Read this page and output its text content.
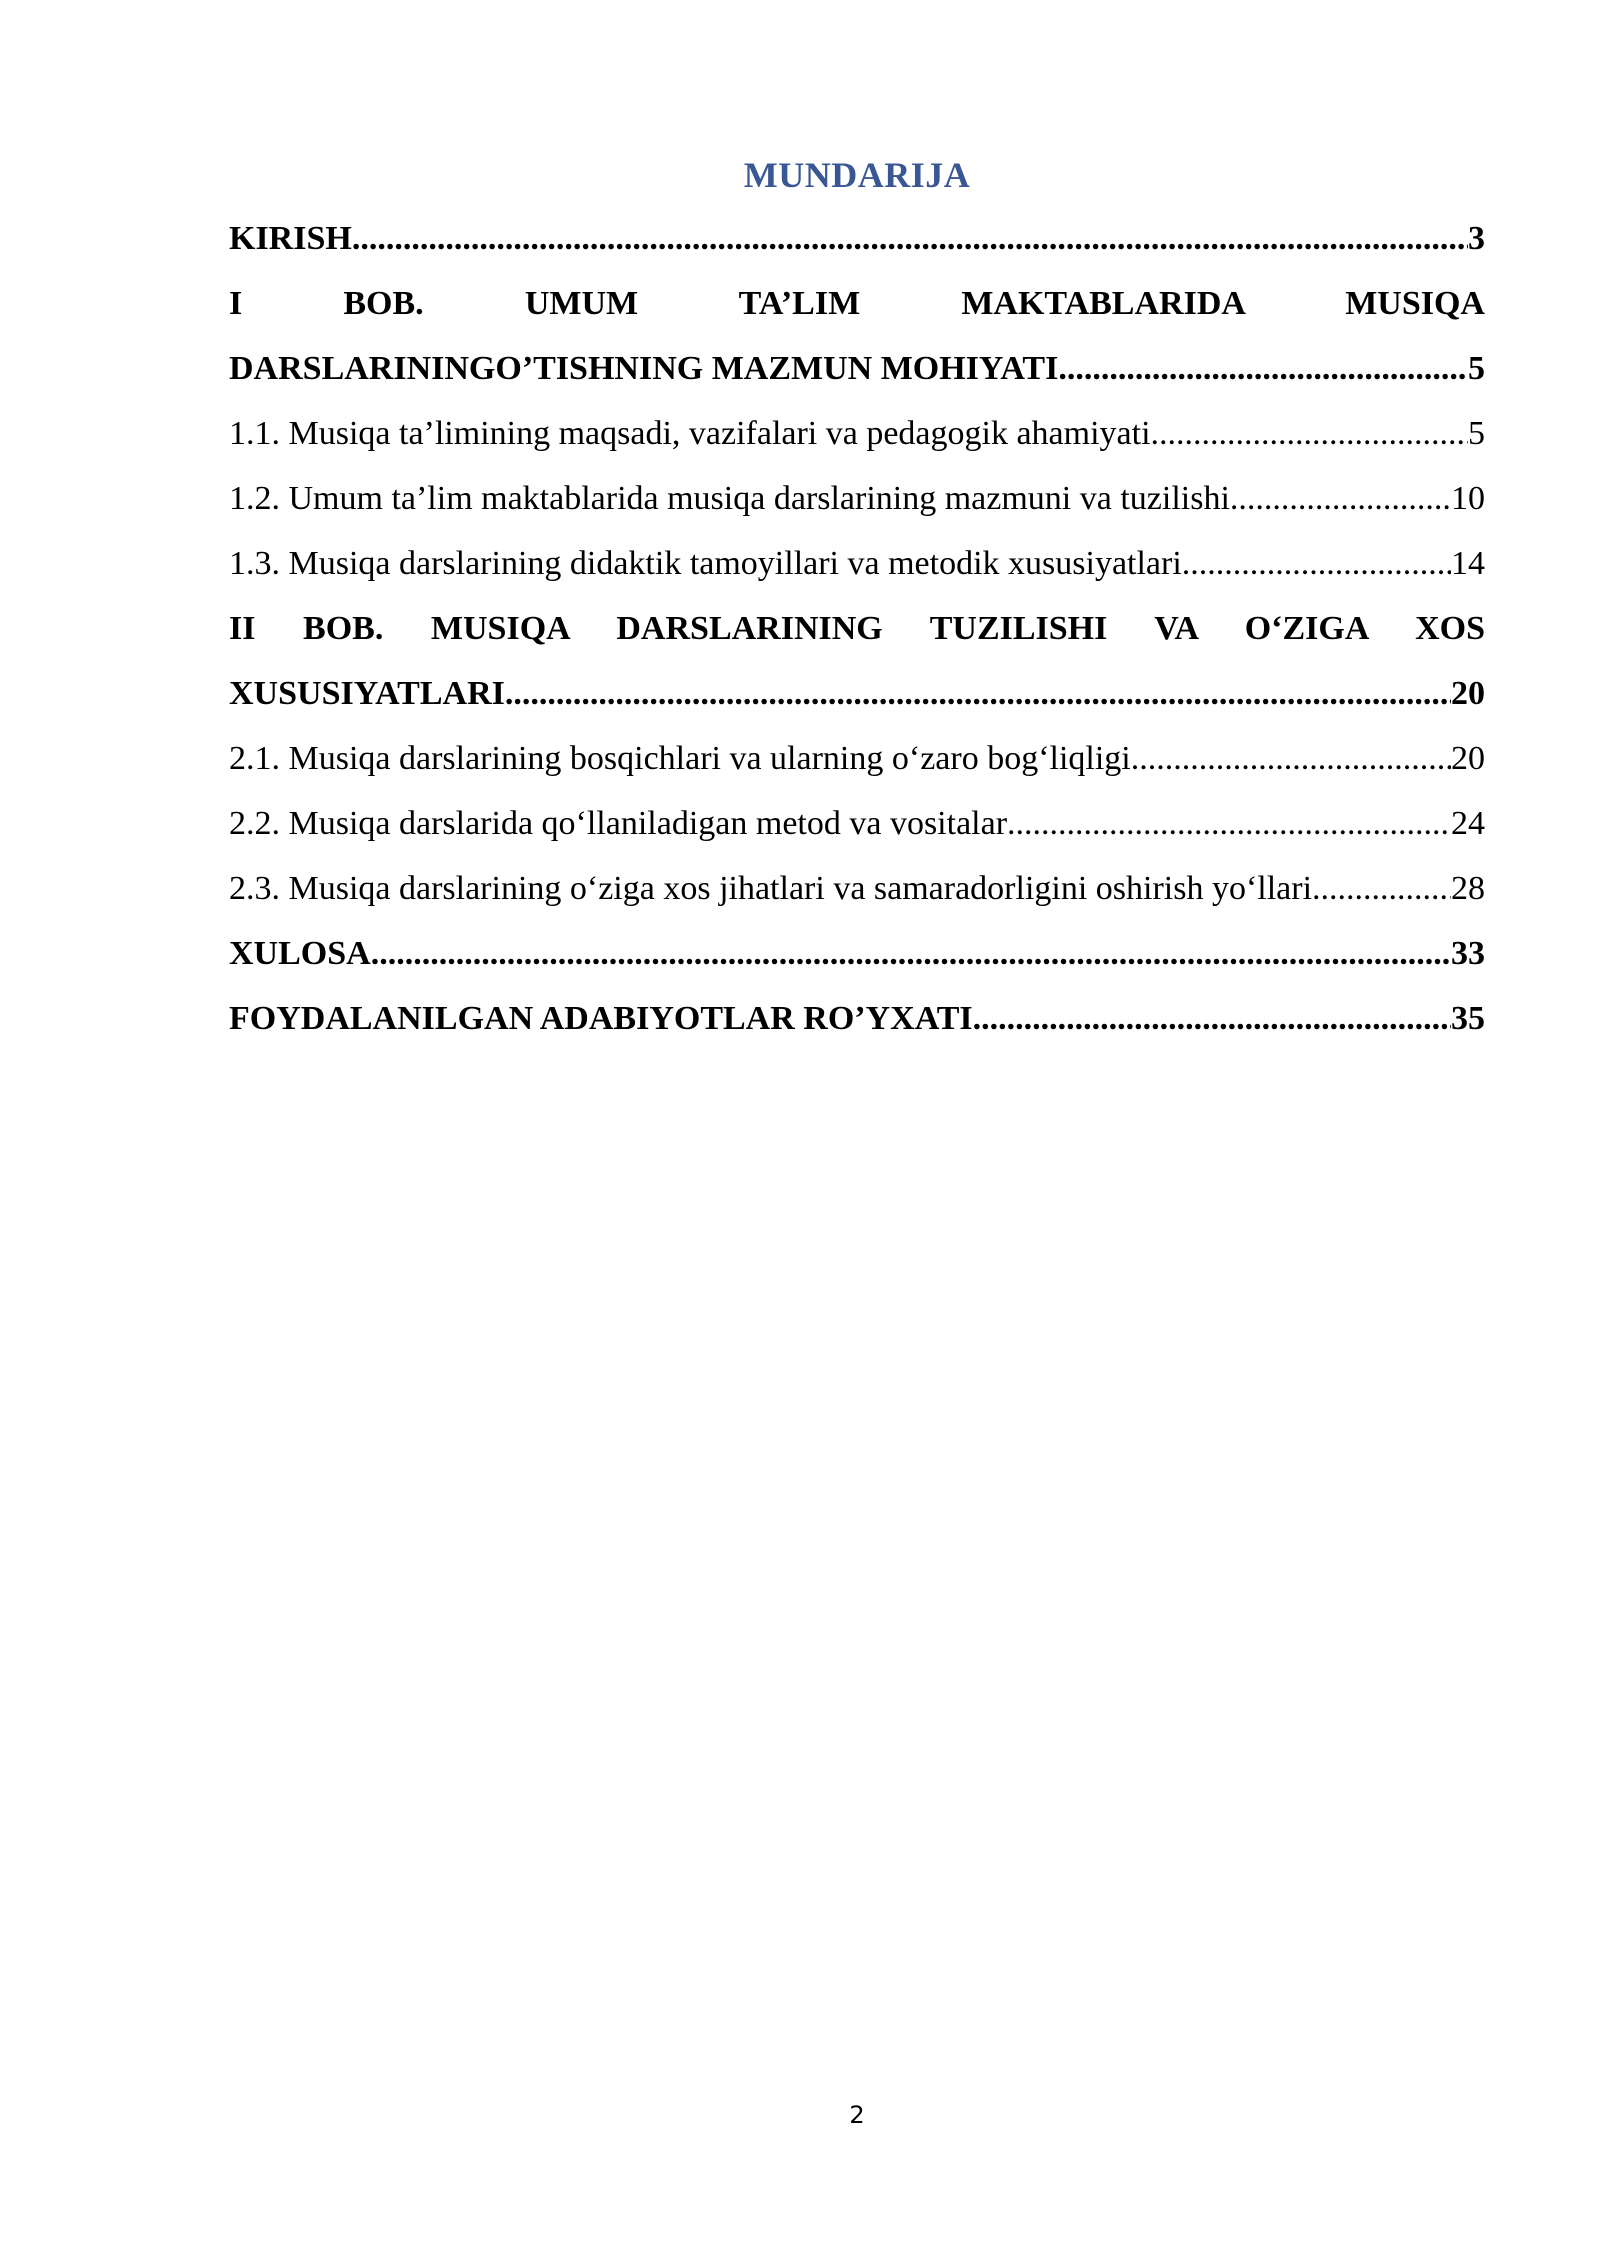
MUNDARIJA
KIRISH .....	3
I BOB. UMUM TA’LIM MAKTABLARIDA MUSIQA
DARSLARININGO’TISHNING MAZMUN MOHIYATI .....	5
1.1. Musiqa ta’limining maqsadi, vazifalari va pedagogik ahamiyati .....	5
1.2. Umum ta’lim maktablarida musiqa darslarining mazmuni va tuzilishi .....	10
1.3. Musiqa darslarining didaktik tamoyillari va metodik xususiyatlari .....	14
II BOB. MUSIQA DARSLARINING TUZILISHI VA O‘ZIGA XOS
XUSUSIYATLARI .....	20
2.1. Musiqa darslarining bosqichlari va ularning o‘zaro bog‘liqligi .....	20
2.2. Musiqa darslarida qo‘llaniladigan metod va vositalar .....	24
2.3. Musiqa darslarining o‘ziga xos jihatlari va samaradorligini oshirish yo‘llari .....	28
XULOSA .....	33
FOYDALANILGAN ADABIYOTLAR RO’YXATI .....	35
2
